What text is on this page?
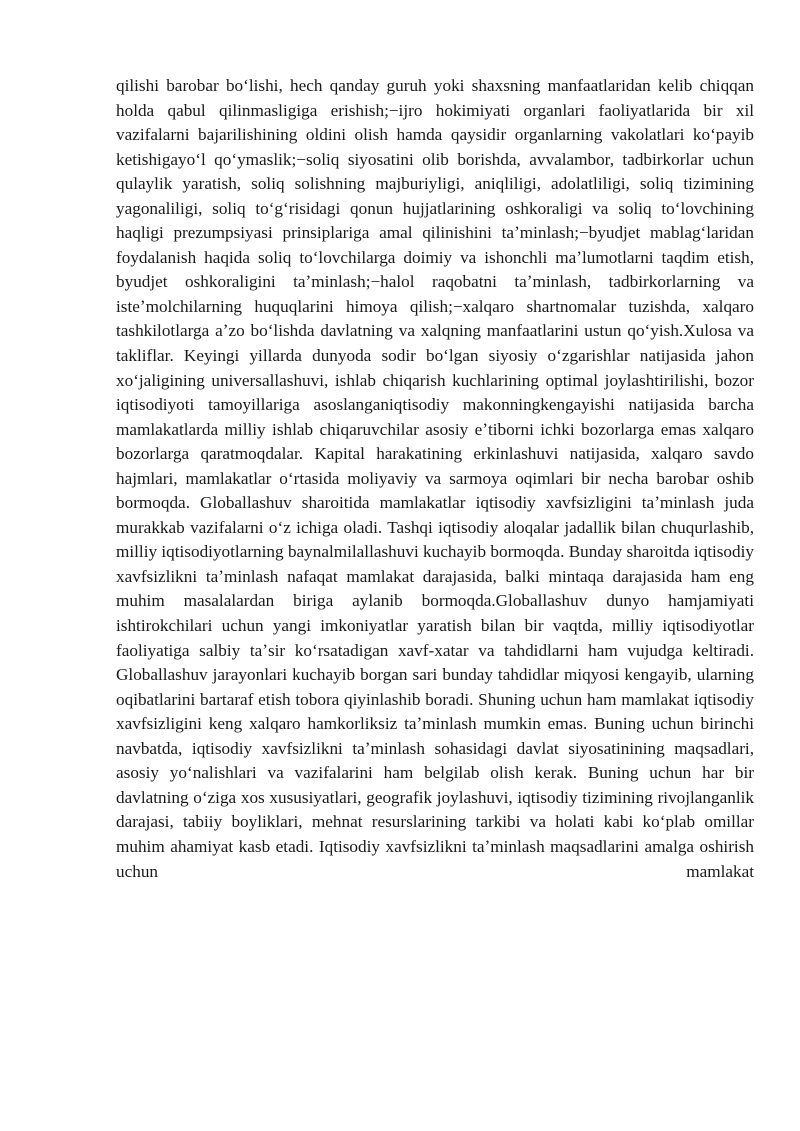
qilishi barobar boʻlishi, hech qanday guruh yoki shaxsning manfaatlaridan kelib chiqqan holda qabul qilinmasligiga erishish;−ijro hokimiyati organlari faoliyatlarida bir xil vazifalarni bajarilishining oldini olish hamda qaysidir organlarning vakolatlari koʻpayib ketishigayoʻl qoʻymaslik;−soliq siyosatini olib borishda, avvalambor, tadbirkorlar uchun qulaylik yaratish, soliq solishning majburiyligi, aniqliligi, adolatliligi, soliq tizimining yagonaliligi, soliq toʻgʻrisidagi qonun hujjatlarining oshkoraligi va soliq toʻlovchining haqligi prezumpsiyasi prinsiplariga amal qilinishini taʼminlash;−byudjet mablagʻlaridan foydalanish haqida soliq toʻlovchilarga doimiy va ishonchli maʼlumotlarni taqdim etish, byudjet oshkoraligini taʼminlash;−halol raqobatni taʼminlash, tadbirkorlarning va isteʼmolchilarning huquqlarini himoya qilish;−xalqaro shartnomalar tuzishda, xalqaro tashkilotlarga aʼzo boʻlishda davlatning va xalqning manfaatlarini ustun qoʻyish.Xulosa va takliflar. Keyingi yillarda dunyoda sodir boʻlgan siyosiy oʻzgarishlar natijasida jahon xoʻjaligining universallashuvi, ishlab chiqarish kuchlarining optimal joylashtirilishi, bozor iqtisodiyoti tamoyillariga asoslanganiqtisodiy makonningkengayishi natijasida barcha mamlakatlarda milliy ishlab chiqaruvchilar asosiy eʼtiborni ichki bozorlarga emas xalqaro bozorlarga qaratmoqdalar. Kapital harakatining erkinlashuvi natijasida, xalqaro savdo hajmlari, mamlakatlar oʻrtasida moliyaviy va sarmoya oqimlari bir necha barobar oshib bormoqda. Globallashuv sharoitida mamlakatlar iqtisodiy xavfsizligini taʼminlash juda murakkab vazifalarni oʻz ichiga oladi. Tashqi iqtisodiy aloqalar jadallik bilan chuqurlashib, milliy iqtisodiyotlarning baynalmilallashuvi kuchayib bormoqda. Bunday sharoitda iqtisodiy xavfsizlikni taʼminlash nafaqat mamlakat darajasida, balki mintaqa darajasida ham eng muhim masalalardan biriga aylanib bormoqda.Globallashuv dunyo hamjamiyati ishtirokchilari uchun yangi imkoniyatlar yaratish bilan bir vaqtda, milliy iqtisodiyotlar faoliyatiga salbiy taʼsir koʻrsatadigan xavf-xatar va tahdidlarni ham vujudga keltiradi. Globallashuv jarayonlari kuchayib borgan sari bunday tahdidlar miqyosi kengayib, ularning oqibatlarini bartaraf etish tobora qiyinlashib boradi. Shuning uchun ham mamlakat iqtisodiy xavfsizligini keng xalqaro hamkorliksiz taʼminlash mumkin emas. Buning uchun birinchi navbatda, iqtisodiy xavfsizlikni taʼminlash sohasidagi davlat siyosatinining maqsadlari, asosiy yoʻnalishlari va vazifalarini ham belgilab olish kerak. Buning uchun har bir davlatning oʻziga xos xususiyatlari, geografik joylashuvi, iqtisodiy tizimining rivojlanganlik darajasi, tabiiy boyliklari, mehnat resurslarining tarkibi va holati kabi koʻplab omillar muhim ahamiyat kasb etadi. Iqtisodiy xavfsizlikni taʼminlash maqsadlarini amalga oshirish uchun mamlakat
